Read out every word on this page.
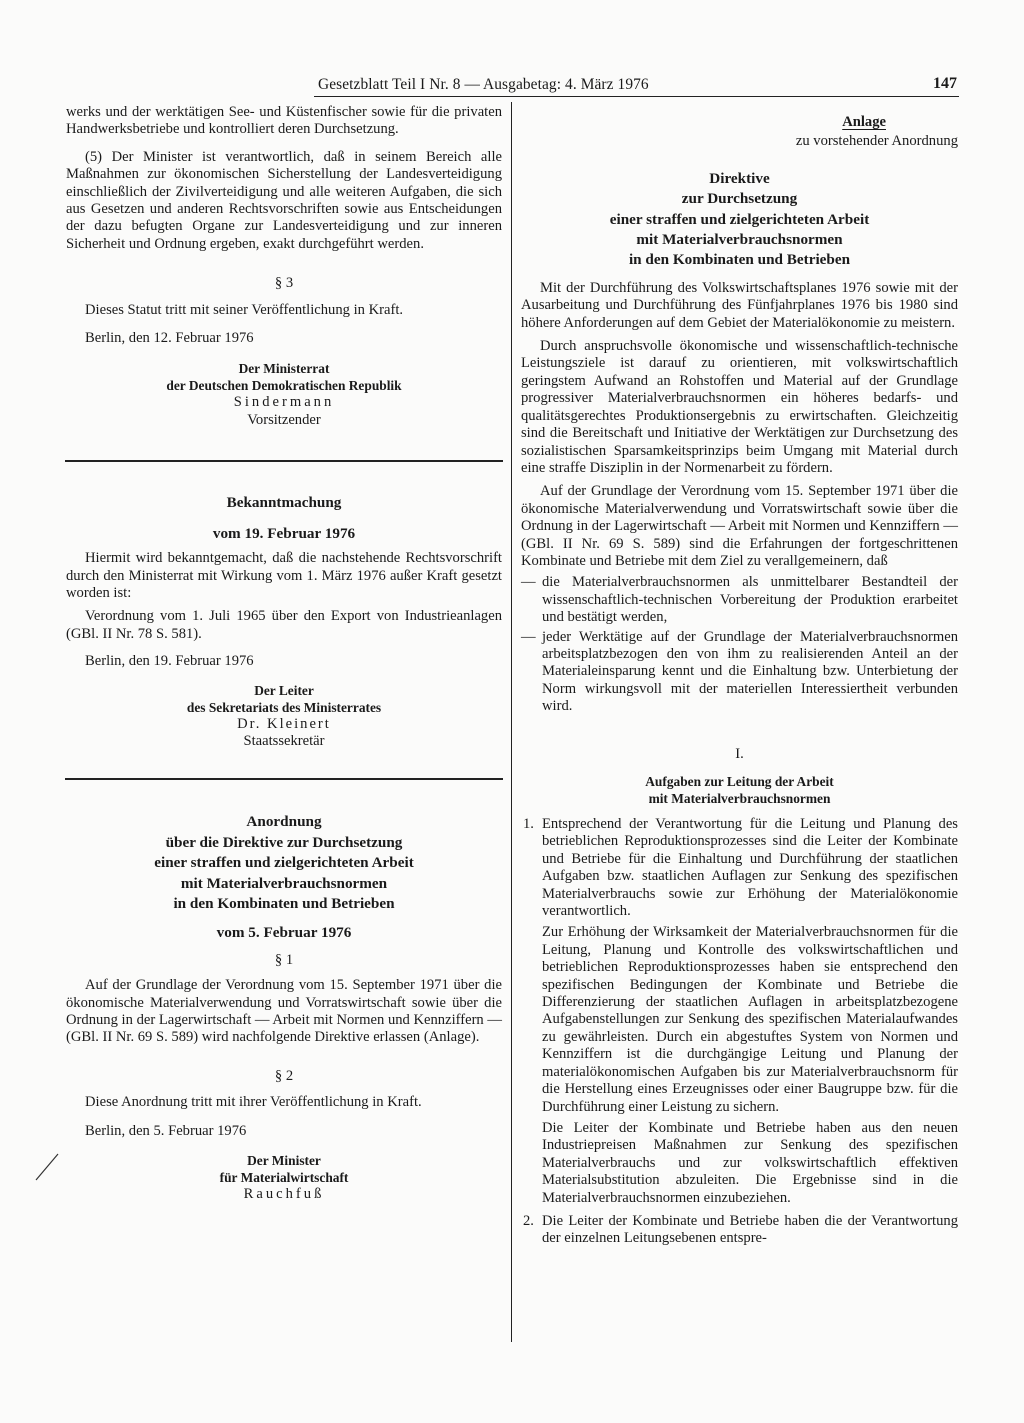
Gesetzblatt Teil I Nr. 8 — Ausgabetag: 4. März 1976	147

werks und der werktätigen See- und Küstenfischer sowie für die privaten Handwerksbetriebe und kontrolliert deren Durchsetzung.

(5) Der Minister ist verantwortlich, daß in seinem Bereich alle Maßnahmen zur ökonomischen Sicherstellung der Landesverteidigung einschließlich der Zivilverteidigung und alle weiteren Aufgaben, die sich aus Gesetzen und anderen Rechtsvorschriften sowie aus Entscheidungen der dazu befugten Organe zur Landesverteidigung und zur inneren Sicherheit und Ordnung ergeben, exakt durchgeführt werden.

§ 3

Dieses Statut tritt mit seiner Veröffentlichung in Kraft.

Berlin, den 12. Februar 1976

Der Ministerrat

der Deutschen Demokratischen Republik

Sindermann

Vorsitzender

Bekanntmachung

vom 19. Februar 1976

Hiermit wird bekanntgemacht, daß die nachstehende Rechtsvorschrift durch den Ministerrat mit Wirkung vom 1. März 1976 außer Kraft gesetzt worden ist:

Verordnung vom 1. Juli 1965 über den Export von Industrieanlagen (GBl. II Nr. 78 S. 581).

Berlin, den 19. Februar 1976

Der Leiter

des Sekretariats des Ministerrates

Dr. Kleinert

Staatssekretär

Anordnung

über die Direktive zur Durchsetzung

einer straffen und zielgerichteten Arbeit

mit Materialverbrauchsnormen

in den Kombinaten und Betrieben

vom 5. Februar 1976

§ 1

Auf der Grundlage der Verordnung vom 15. September 1971 über die ökonomische Materialverwendung und Vorratswirtschaft sowie über die Ordnung in der Lagerwirtschaft — Arbeit mit Normen und Kennziffern — (GBl. II Nr. 69 S. 589) wird nachfolgende Direktive erlassen (Anlage).

§ 2

Diese Anordnung tritt mit ihrer Veröffentlichung in Kraft.

Berlin, den 5. Februar 1976

Der Minister

für Materialwirtschaft

Rauchfuß

Anlage

zu vorstehender Anordnung

Direktive

zur Durchsetzung

einer straffen und zielgerichteten Arbeit

mit Materialverbrauchsnormen

in den Kombinaten und Betrieben

Mit der Durchführung des Volkswirtschaftsplanes 1976 sowie mit der Ausarbeitung und Durchführung des Fünfjahrplanes 1976 bis 1980 sind höhere Anforderungen auf dem Gebiet der Materialökonomie zu meistern.

Durch anspruchsvolle ökonomische und wissenschaftlich-technische Leistungsziele ist darauf zu orientieren, mit volkswirtschaftlich geringstem Aufwand an Rohstoffen und Material auf der Grundlage progressiver Materialverbrauchsnormen ein höheres bedarfs- und qualitätsgerechtes Produktionsergebnis zu erwirtschaften. Gleichzeitig sind die Bereitschaft und Initiative der Werktätigen zur Durchsetzung des sozialistischen Sparsamkeitsprinzips beim Umgang mit Material durch eine straffe Disziplin in der Normenarbeit zu fördern.

Auf der Grundlage der Verordnung vom 15. September 1971 über die ökonomische Materialverwendung und Vorratswirtschaft sowie über die Ordnung in der Lagerwirtschaft — Arbeit mit Normen und Kennziffern — (GBl. II Nr. 69 S. 589) sind die Erfahrungen der fortgeschrittenen Kombinate und Betriebe mit dem Ziel zu verallgemeinern, daß

— die Materialverbrauchsnormen als unmittelbarer Bestandteil der wissenschaftlich-technischen Vorbereitung der Produktion erarbeitet und bestätigt werden,

— jeder Werktätige auf der Grundlage der Materialverbrauchsnormen arbeitsplatzbezogen den von ihm zu realisierenden Anteil an der Materialeinsparung kennt und die Einhaltung bzw. Unterbietung der Norm wirkungsvoll mit der materiellen Interessiertheit verbunden wird.

I.

Aufgaben zur Leitung der Arbeit

mit Materialverbrauchsnormen

1. Entsprechend der Verantwortung für die Leitung und Planung des betrieblichen Reproduktionsprozesses sind die Leiter der Kombinate und Betriebe für die Einhaltung und Durchführung der staatlichen Aufgaben bzw. staatlichen Auflagen zur Senkung des spezifischen Materialverbrauchs sowie zur Erhöhung der Materialökonomie verantwortlich.

Zur Erhöhung der Wirksamkeit der Materialverbrauchsnormen für die Leitung, Planung und Kontrolle des volkswirtschaftlichen und betrieblichen Reproduktionsprozesses haben sie entsprechend den spezifischen Bedingungen der Kombinate und Betriebe die Differenzierung der staatlichen Auflagen in arbeitsplatzbezogene Aufgabenstellungen zur Senkung des spezifischen Materialaufwandes zu gewährleisten. Durch ein abgestuftes System von Normen und Kennziffern ist die durchgängige Leitung und Planung der materialökonomischen Aufgaben bis zur Materialverbrauchsnorm für die Herstellung eines Erzeugnisses oder einer Baugruppe bzw. für die Durchführung einer Leistung zu sichern.

Die Leiter der Kombinate und Betriebe haben aus den neuen Industriepreisen Maßnahmen zur Senkung des spezifischen Materialverbrauchs und zur volkswirtschaftlich effektiven Materialsubstitution abzuleiten. Die Ergebnisse sind in die Materialverbrauchsnormen einzubeziehen.

2. Die Leiter der Kombinate und Betriebe haben die der Verantwortung der einzelnen Leitungsebenen entspre-
